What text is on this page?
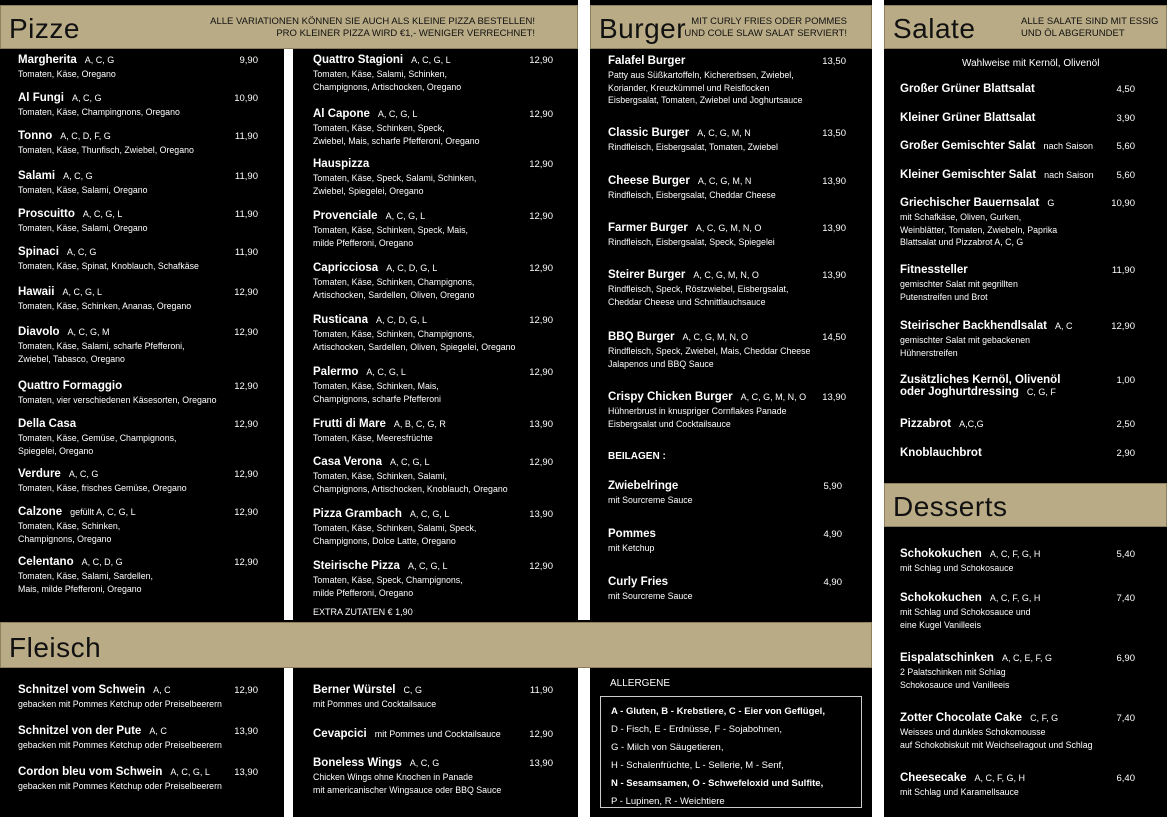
Pizze	ALLE VARIATIONEN KÖNNEN SIE AUCH ALS KLEINE PIZZA BESTELLEN!
PRO KLEINER PIZZA WIRD €1,- WENIGER VERRECHNET! Burger MIT CURLY FRIES ODER POMMES
UND COLE SLAW SALAT SERVIERT! Salate	ALLE SALATE SIND MIT ESSIG
UND ÖL ABGERUNDET
Desserts
Fleisch
Margherita A, C, G
Tomaten, Käse, Oregano
9,90
Al Fungi A, C, G
Tomaten, Käse, Champingnons, Oregano
10,90
Tonno A, C, D, F, G
Tomaten, Käse, Thunfisch, Zwiebel, Oregano
11,90
Salami A, C, G
Tomaten, Käse, Salami, Oregano
11,90
Proscuitto A, C, G, L
Tomaten, Käse, Salami, Oregano
11,90
Spinaci A, C, G
Tomaten, Käse, Spinat, Knoblauch, Schafkäse
11,90
Hawaii A, C, G, L
Tomaten, Käse, Schinken, Ananas, Oregano
12,90
Diavolo A, C, G, M
Tomaten, Käse, Salami, scharfe Pfefferoni,
Zwiebel, Tabasco, Oregano
12,90
Quattro Formaggio
Tomaten, vier verschiedenen Käsesorten, Oregano
12,90
Della Casa
Tomaten, Käse, Gemüse, Champignons,
Spiegelei, Oregano
12,90
Verdure A, C, G
Tomaten, Käse, frisches Gemüse, Oregano
12,90
Calzone gefüllt A, C, G, L
Tomaten, Käse, Schinken,
Champignons, Oregano
12,90
Celentano A, C, D, G
Tomaten, Käse, Salami, Sardellen,
Mais, milde Pfefferoni, Oregano
12,90
Quattro Stagioni A, C, G, L
Tomaten, Käse, Salami, Schinken,
Champignons, Artischocken, Oregano
12,90
Al Capone A, C, G, L
Tomaten, Käse, Schinken, Speck,
Zwiebel, Mais, scharfe Pfefferoni, Oregano
12,90
Hauspizza
Tomaten, Käse, Speck, Salami, Schinken,
Zwiebel, Spiegelei, Oregano
12,90
Provenciale A, C, G, L
Tomaten, Käse, Schinken, Speck, Mais,
milde Pfefferoni, Oregano
12,90
Capricciosa A, C, D, G, L
Tomaten, Käse, Schinken, Champignons,
Artischocken, Sardellen, Oliven, Oregano
12,90
Rusticana A, C, D, G, L
Tomaten, Käse, Schinken, Champignons,
Artischocken, Sardellen, Oliven, Spiegelei, Oregano
12,90
Palermo A, C, G, L
Tomaten, Käse, Schinken, Mais,
Champignons, scharfe Pfefferoni
12,90
Frutti di Mare A, B, C, G, R
Tomaten, Käse, Meeresfrüchte
13,90
Casa Verona A, C, G, L
Tomaten, Käse, Schinken, Salami,
Champignons, Artischocken, Knoblauch, Oregano
12,90
Pizza Grambach A, C, G, L
Tomaten, Käse, Schinken, Salami, Speck,
Champignons, Dolce Latte, Oregano
13,90
Steirische Pizza A, C, G, L
Tomaten, Käse, Speck, Champignons,
milde Pfefferoni, Oregano
12,90
EXTRA ZUTATEN € 1,90
Falafel Burger
Patty aus Süßkartoffeln, Kichererbsen, Zwiebel,
Koriander, Kreuzkümmel und Reisflocken
Eisbergsalat, Tomaten, Zwiebel und Joghurtsauce
13,50
Classic Burger A, C, G, M, N
Rindfleisch, Eisbergsalat, Tomaten, Zwiebel
13,50
Cheese Burger A, C, G, M, N
Rindfleisch, Eisbergsalat, Cheddar Cheese
13,90
Farmer Burger A, C, G, M, N, O
Rindfleisch, Eisbergsalat, Speck, Spiegelei
13,90
Steirer Burger A, C, G, M, N, O
Rindfleisch, Speck, Röstzwiebel, Eisbergsalat,
Cheddar Cheese und Schnittlauchsauce
13,90
BBQ Burger A, C, G, M, N, O
Rindfleisch, Speck, Zwiebel, Mais, Cheddar Cheese
Jalapenos und BBQ Sauce
14,50
Crispy Chicken Burger A, C, G, M, N, O
Hühnerbrust in knuspriger Cornflakes Panade
Eisbergsalat und Cocktailsauce
13,90
BEILAGEN :
Zwiebelringe
mit Sourcreme Sauce
5,90
Pommes
mit Ketchup
4,90
Curly Fries
mit Sourcreme Sauce
4,90
Wahlweise mit Kernöl, Olivenöl
Großer Grüner Blattsalat	4,50
Kleiner Grüner Blattsalat	3,90
Großer Gemischter Salat nach Saison	5,60
Kleiner Gemischter Salat nach Saison	5,60
Griechischer Bauernsalat G
mit Schafkäse, Oliven, Gurken,
Weinblätter, Tomaten, Zwiebeln, Paprika
Blattsalat und Pizzabrot A, C, G
10,90
Fitnessteller
gemischter Salat mit gegrillten
Putenstreifen und Brot
11,90
Steirischer Backhendlsalat A, C
gemischter Salat mit gebackenen
Hühnerstreifen
12,90
Zusätzliches Kernöl, Olivenöl
oder Joghurtdressing C, G, F
1,00
Pizzabrot A,C,G	2,50
Knoblauchbrot	2,90
Schokokuchen A, C, F, G, H
mit Schlag und Schokosauce
5,40
Schokokuchen A, C, F, G, H
mit Schlag und Schokosauce und
eine Kugel Vanilleeis
7,40
Eispalatschinken A, C, E, F, G
2 Palatschinken mit Schlag
Schokosauce und Vanilleeis
6,90
Zotter Chocolate Cake C, F, G
Weisses und dunkles Schokomousse
auf Schokobiskuit mit Weichselragout und Schlag
7,40
Cheesecake A, C, F, G, H
mit Schlag und Karamellsauce
6,40
Schnitzel vom Schwein A, C
gebacken mit Pommes Ketchup oder Preiselbeerern
12,90
Schnitzel von der Pute A, C
gebacken mit Pommes Ketchup oder Preiselbeerern
13,90
Cordon bleu vom Schwein A, C, G, L
gebacken mit Pommes Ketchup oder Preiselbeerern
13,90
Berner Würstel C, G
mit Pommes und Cocktailsauce
11,90
Cevapcici mit Pommes und Cocktailsauce	12,90
Boneless Wings A, C, G
Chicken Wings ohne Knochen in Panade
mit americanischer Wingsauce oder BBQ Sauce
13,90
ALLERGENE
A - Gluten, B - Krebstiere, C - Eier von Geflügel,
D - Fisch, E - Erdnüsse, F - Sojabohnen,
G - Milch von Säugetieren,
H - Schalenfrüchte, L - Sellerie, M - Senf,
N - Sesamsamen, O - Schwefeloxid und Sulfite,
P - Lupinen, R - Weichtiere
